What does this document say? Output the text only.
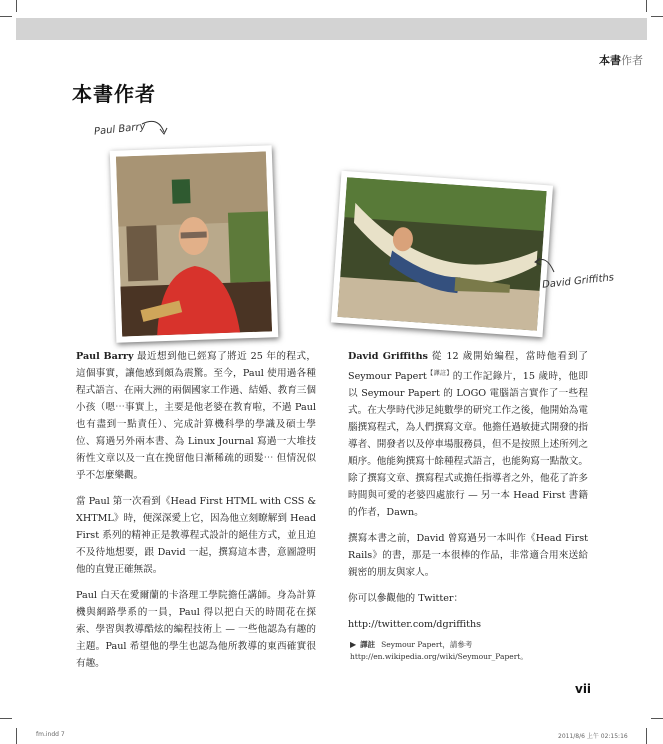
本書作者
本書作者
Paul Barry
David Griffiths

Paul Barry 最近想到他已經寫了將近 25 年的程式，這個事實，讓他感到頗為震驚。至今，Paul 使用過各種程式語言、在兩大洲的兩個國家工作過、結婚、教育三個小孩（嗯⋯事實上，主要是他老婆在教育啦，不過 Paul 也有盡到一點責任）、完成計算機科學的學識及碩士學位、寫過另外兩本書、為 Linux Journal 寫過一大堆技術性文章以及一直在挽留他日漸稀疏的頭髮⋯ 但情況似乎不怎麼樂觀。

當 Paul 第一次看到《Head First HTML with CSS & XHTML》時，便深深愛上它，因為他立刻瞭解到 Head First 系列的精神正是教導程式設計的絕佳方式，並且迫不及待地想要，跟 David 一起，撰寫這本書，意圖證明他的直覺正確無誤。

Paul 白天在愛爾蘭的卡洛理工學院擔任講師。身為計算機與網路學系的一員，Paul 得以把白天的時間花在探索、學習與教導酷炫的編程技術上 — 一些他認為有趣的主題。Paul 希望他的學生也認為他所教導的東西確實很有趣。

David Griffiths 從 12 歲開始編程，當時他看到了 Seymour Papert$^{【譯註】}$的工作記錄片，15 歲時，他即以 Seymour Papert 的 LOGO 電腦語言實作了一些程式。在大學時代涉足純數學的研究工作之後，他開始為電腦撰寫程式，為人們撰寫文章。他擔任過敏捷式開發的指導者、開發者以及停車場服務員，但不是按照上述所列之順序。他能夠撰寫十餘種程式語言，也能夠寫一點散文。除了撰寫文章、撰寫程式或擔任指導者之外，他花了許多時間與可愛的老婆四處旅行 — 另一本 Head First 書籍的作者，Dawn。

撰寫本書之前，David 曾寫過另一本叫作《Head First Rails》的書，那是一本很棒的作品，非常適合用來送給親密的朋友與家人。

你可以參觀他的 Twitter：

http://twitter.com/dgriffiths

▶ 譯註 Seymour Papert，請參考 http://en.wikipedia.org/wiki/Seymour_Papert。
vii
fm.indd 7	2011/8/6 上午 02:15:16
